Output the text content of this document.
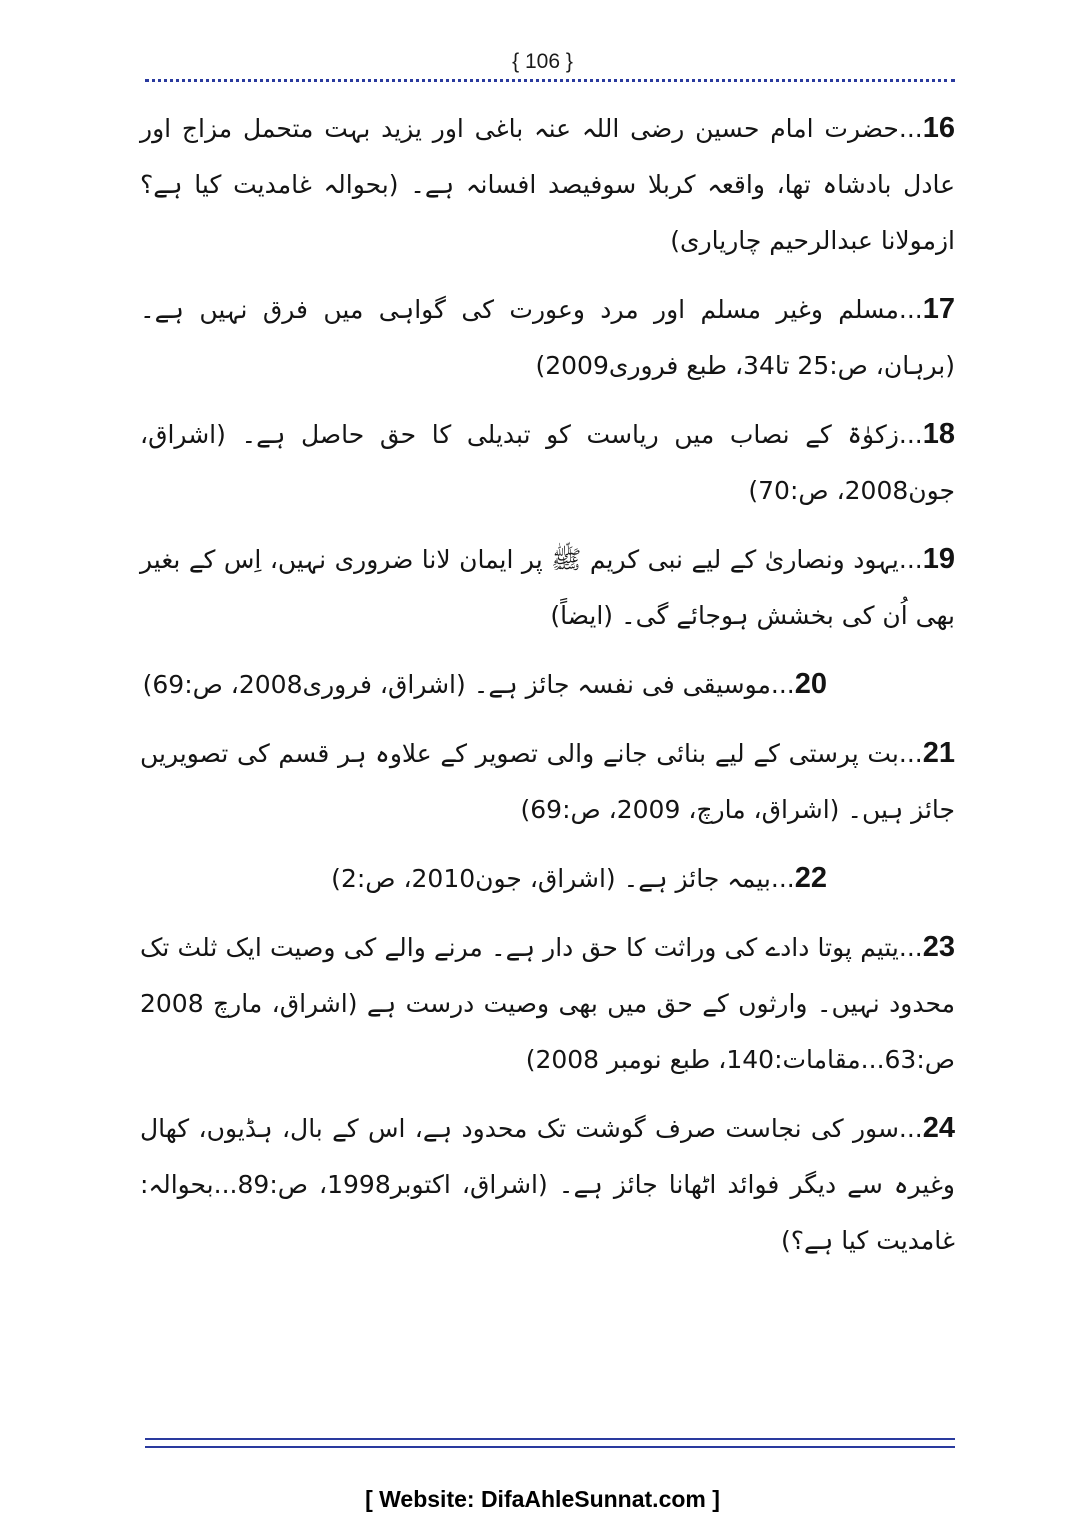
{ 106 }

16...حضرت امام حسین رضی اللہ عنہ باغی اور یزید بہت متحمل مزاج اور عادل بادشاہ تھا، واقعہ کربلا سوفیصد افسانہ ہے۔ (بحوالہ غامدیت کیا ہے؟ ازمولانا عبدالرحیم چاریاری)

17...مسلم وغیر مسلم اور مرد وعورت کی گواہی میں فرق نہیں ہے۔ (برہان، ص:25 تا34، طبع فروری2009)

18...زکوٰۃ کے نصاب میں ریاست کو تبدیلی کا حق حاصل ہے۔ (اشراق، جون2008، ص:70)

19...یہود ونصاریٰ کے لیے نبی کریم ﷺ پر ایمان لانا ضروری نہیں، اِس کے بغیر بھی اُن کی بخشش ہوجائے گی۔ (ایضاً)

20...موسیقی فی نفسہ جائز ہے۔ (اشراق، فروری2008، ص:69)

21...بت پرستی کے لیے بنائی جانے والی تصویر کے علاوہ ہر قسم کی تصویریں جائز ہیں۔ (اشراق، مارچ، 2009، ص:69)

22...بیمہ جائز ہے۔ (اشراق، جون2010، ص:2)

23...یتیم پوتا دادے کی وراثت کا حق دار ہے۔ مرنے والے کی وصیت ایک ثلث تک محدود نہیں۔ وارثوں کے حق میں بھی وصیت درست ہے (اشراق، مارچ 2008 ص:63...مقامات:140، طبع نومبر 2008)

24...سور کی نجاست صرف گوشت تک محدود ہے، اس کے بال، ہڈیوں، کھال وغیرہ سے دیگر فوائد اٹھانا جائز ہے۔ (اشراق، اکتوبر1998، ص:89...بحوالہ: غامدیت کیا ہے؟)

[ Website: DifaAhleSunnat.com ]
